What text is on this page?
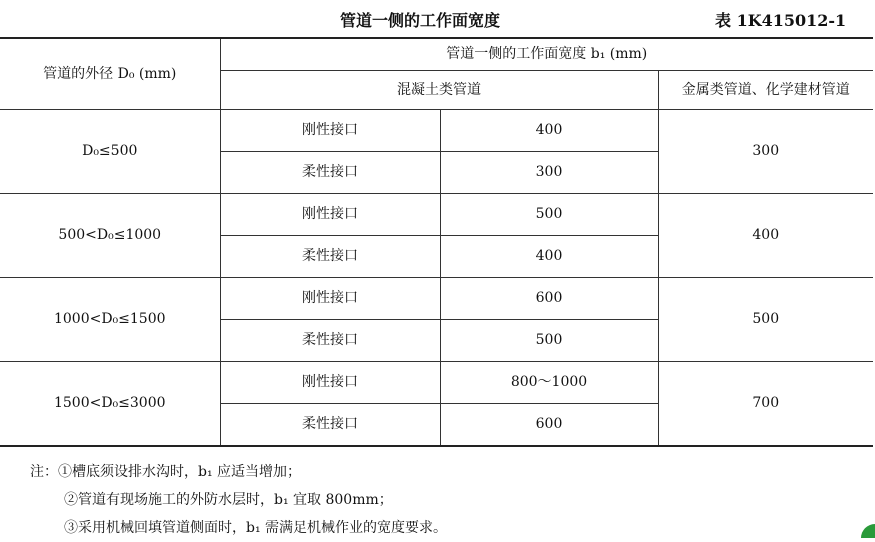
管道一侧的工作面宽度	表 1K415012-1
管道的外径 D₀ (mm)	管道一侧的工作面宽度 b₁ (mm)		
	混凝土类管道		金属类管道、化学建材管道
D₀≤500	刚性接口	400	300
	柔性接口	300	
500<D₀≤1000	刚性接口	500	400
	柔性接口	400	
1000<D₀≤1500	刚性接口	600	500
	柔性接口	500	
1500<D₀≤3000	刚性接口	800～1000	700
	柔性接口	600	
注：①槽底须设排水沟时，b₁ 应适当增加；
②管道有现场施工的外防水层时，b₁ 宜取 800mm；
③采用机械回填管道侧面时，b₁ 需满足机械作业的宽度要求。
